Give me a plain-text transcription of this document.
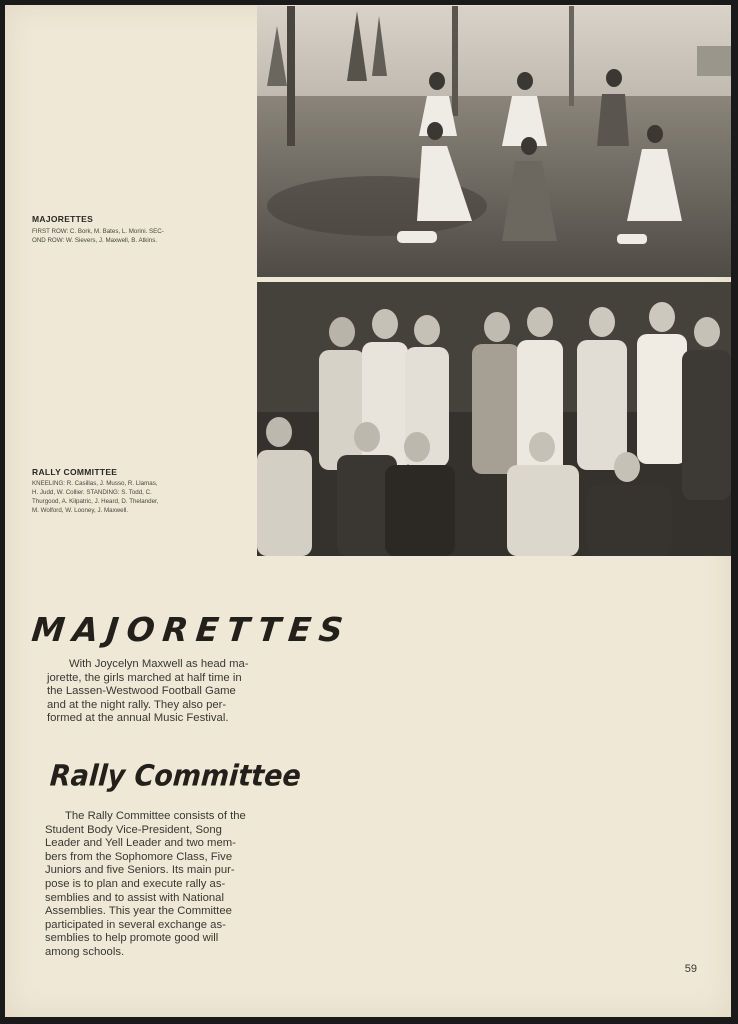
MAJORETTES
FIRST ROW: C. Bork, M. Bates, L. Morini. SEC-
OND ROW: W. Sievers, J. Maxwell, B. Atkins.
RALLY COMMITTEE
KNEELING: R. Casillas, J. Musso, R. Llamas,
H. Judd, W. Collier. STANDING: S. Todd, C.
Thurgood, A. Kilpatric, J. Heard, D. Thelander,
M. Wolford, W. Looney, J. Maxwell.
MAJORETTES
With Joycelyn Maxwell as head ma-
jorette, the girls marched at half time in
the Lassen-Westwood Football Game
and at the night rally. They also per-
formed at the annual Music Festival.
Rally Committee
The Rally Committee consists of the
Student Body Vice-President, Song
Leader and Yell Leader and two mem-
bers from the Sophomore Class, Five
Juniors and five Seniors. Its main pur-
pose is to plan and execute rally as-
semblies and to assist with National
Assemblies. This year the Committee
participated in several exchange as-
semblies to help promote good will
among schools.
59
